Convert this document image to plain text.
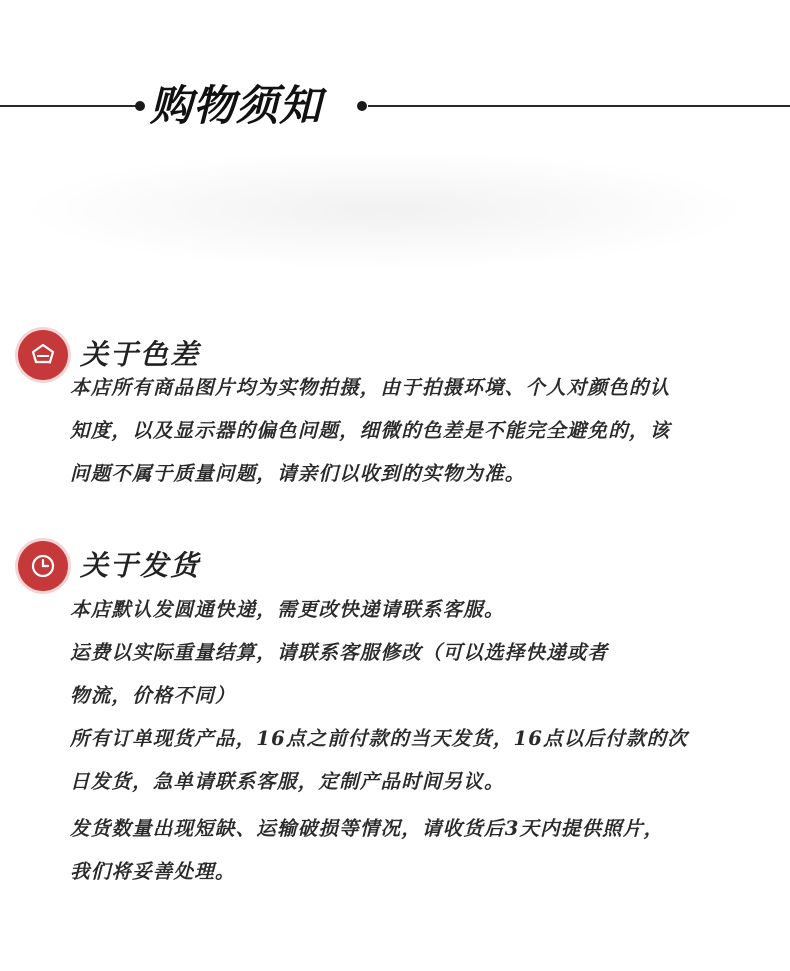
购物须知
关于色差
本店所有商品图片均为实物拍摄，由于拍摄环境、个人对颜色的认
知度，以及显示器的偏色问题，细微的色差是不能完全避免的，该
问题不属于质量问题，请亲们以收到的实物为准。
关于发货
本店默认发圆通快递，需更改快递请联系客服。
运费以实际重量结算，请联系客服修改（可以选择快递或者
物流，价格不同）
所有订单现货产品，16点之前付款的当天发货，16点以后付款的次
日发货，急单请联系客服，定制产品时间另议。
发货数量出现短缺、运输破损等情况，请收货后3天内提供照片，
我们将妥善处理。
